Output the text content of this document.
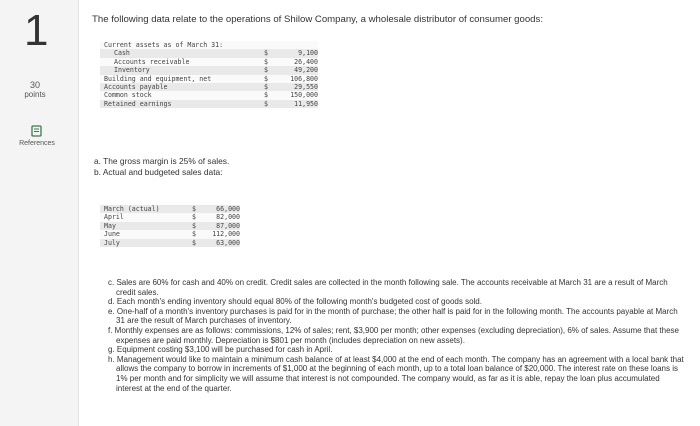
1
30
points
References
The following data relate to the operations of Shilow Company, a wholesale distributor of consumer goods:
Current assets as of March 31:
Cash	$	9,100
Accounts receivable	$	26,400
Inventory	$	49,200
Building and equipment, net	$	106,800
Accounts payable	$	29,550
Common stock	$	150,000
Retained earnings	$	11,950
a. The gross margin is 25% of sales.
b. Actual and budgeted sales data:
March (actual)	$	66,000
April	$	82,000
May	$	87,000
June	$	112,000
July	$	63,000
c. Sales are 60% for cash and 40% on credit. Credit sales are collected in the month following sale. The accounts receivable at March 31 are a result of March credit sales.
d. Each month's ending inventory should equal 80% of the following month's budgeted cost of goods sold.
e. One-half of a month's inventory purchases is paid for in the month of purchase; the other half is paid for in the following month. The accounts payable at March 31 are the result of March purchases of inventory.
f. Monthly expenses are as follows: commissions, 12% of sales; rent, $3,900 per month; other expenses (excluding depreciation), 6% of sales. Assume that these expenses are paid monthly. Depreciation is $801 per month (includes depreciation on new assets).
g. Equipment costing $3,100 will be purchased for cash in April.
h. Management would like to maintain a minimum cash balance of at least $4,000 at the end of each month. The company has an agreement with a local bank that allows the company to borrow in increments of $1,000 at the beginning of each month, up to a total loan balance of $20,000. The interest rate on these loans is 1% per month and for simplicity we will assume that interest is not compounded. The company would, as far as it is able, repay the loan plus accumulated interest at the end of the quarter.
